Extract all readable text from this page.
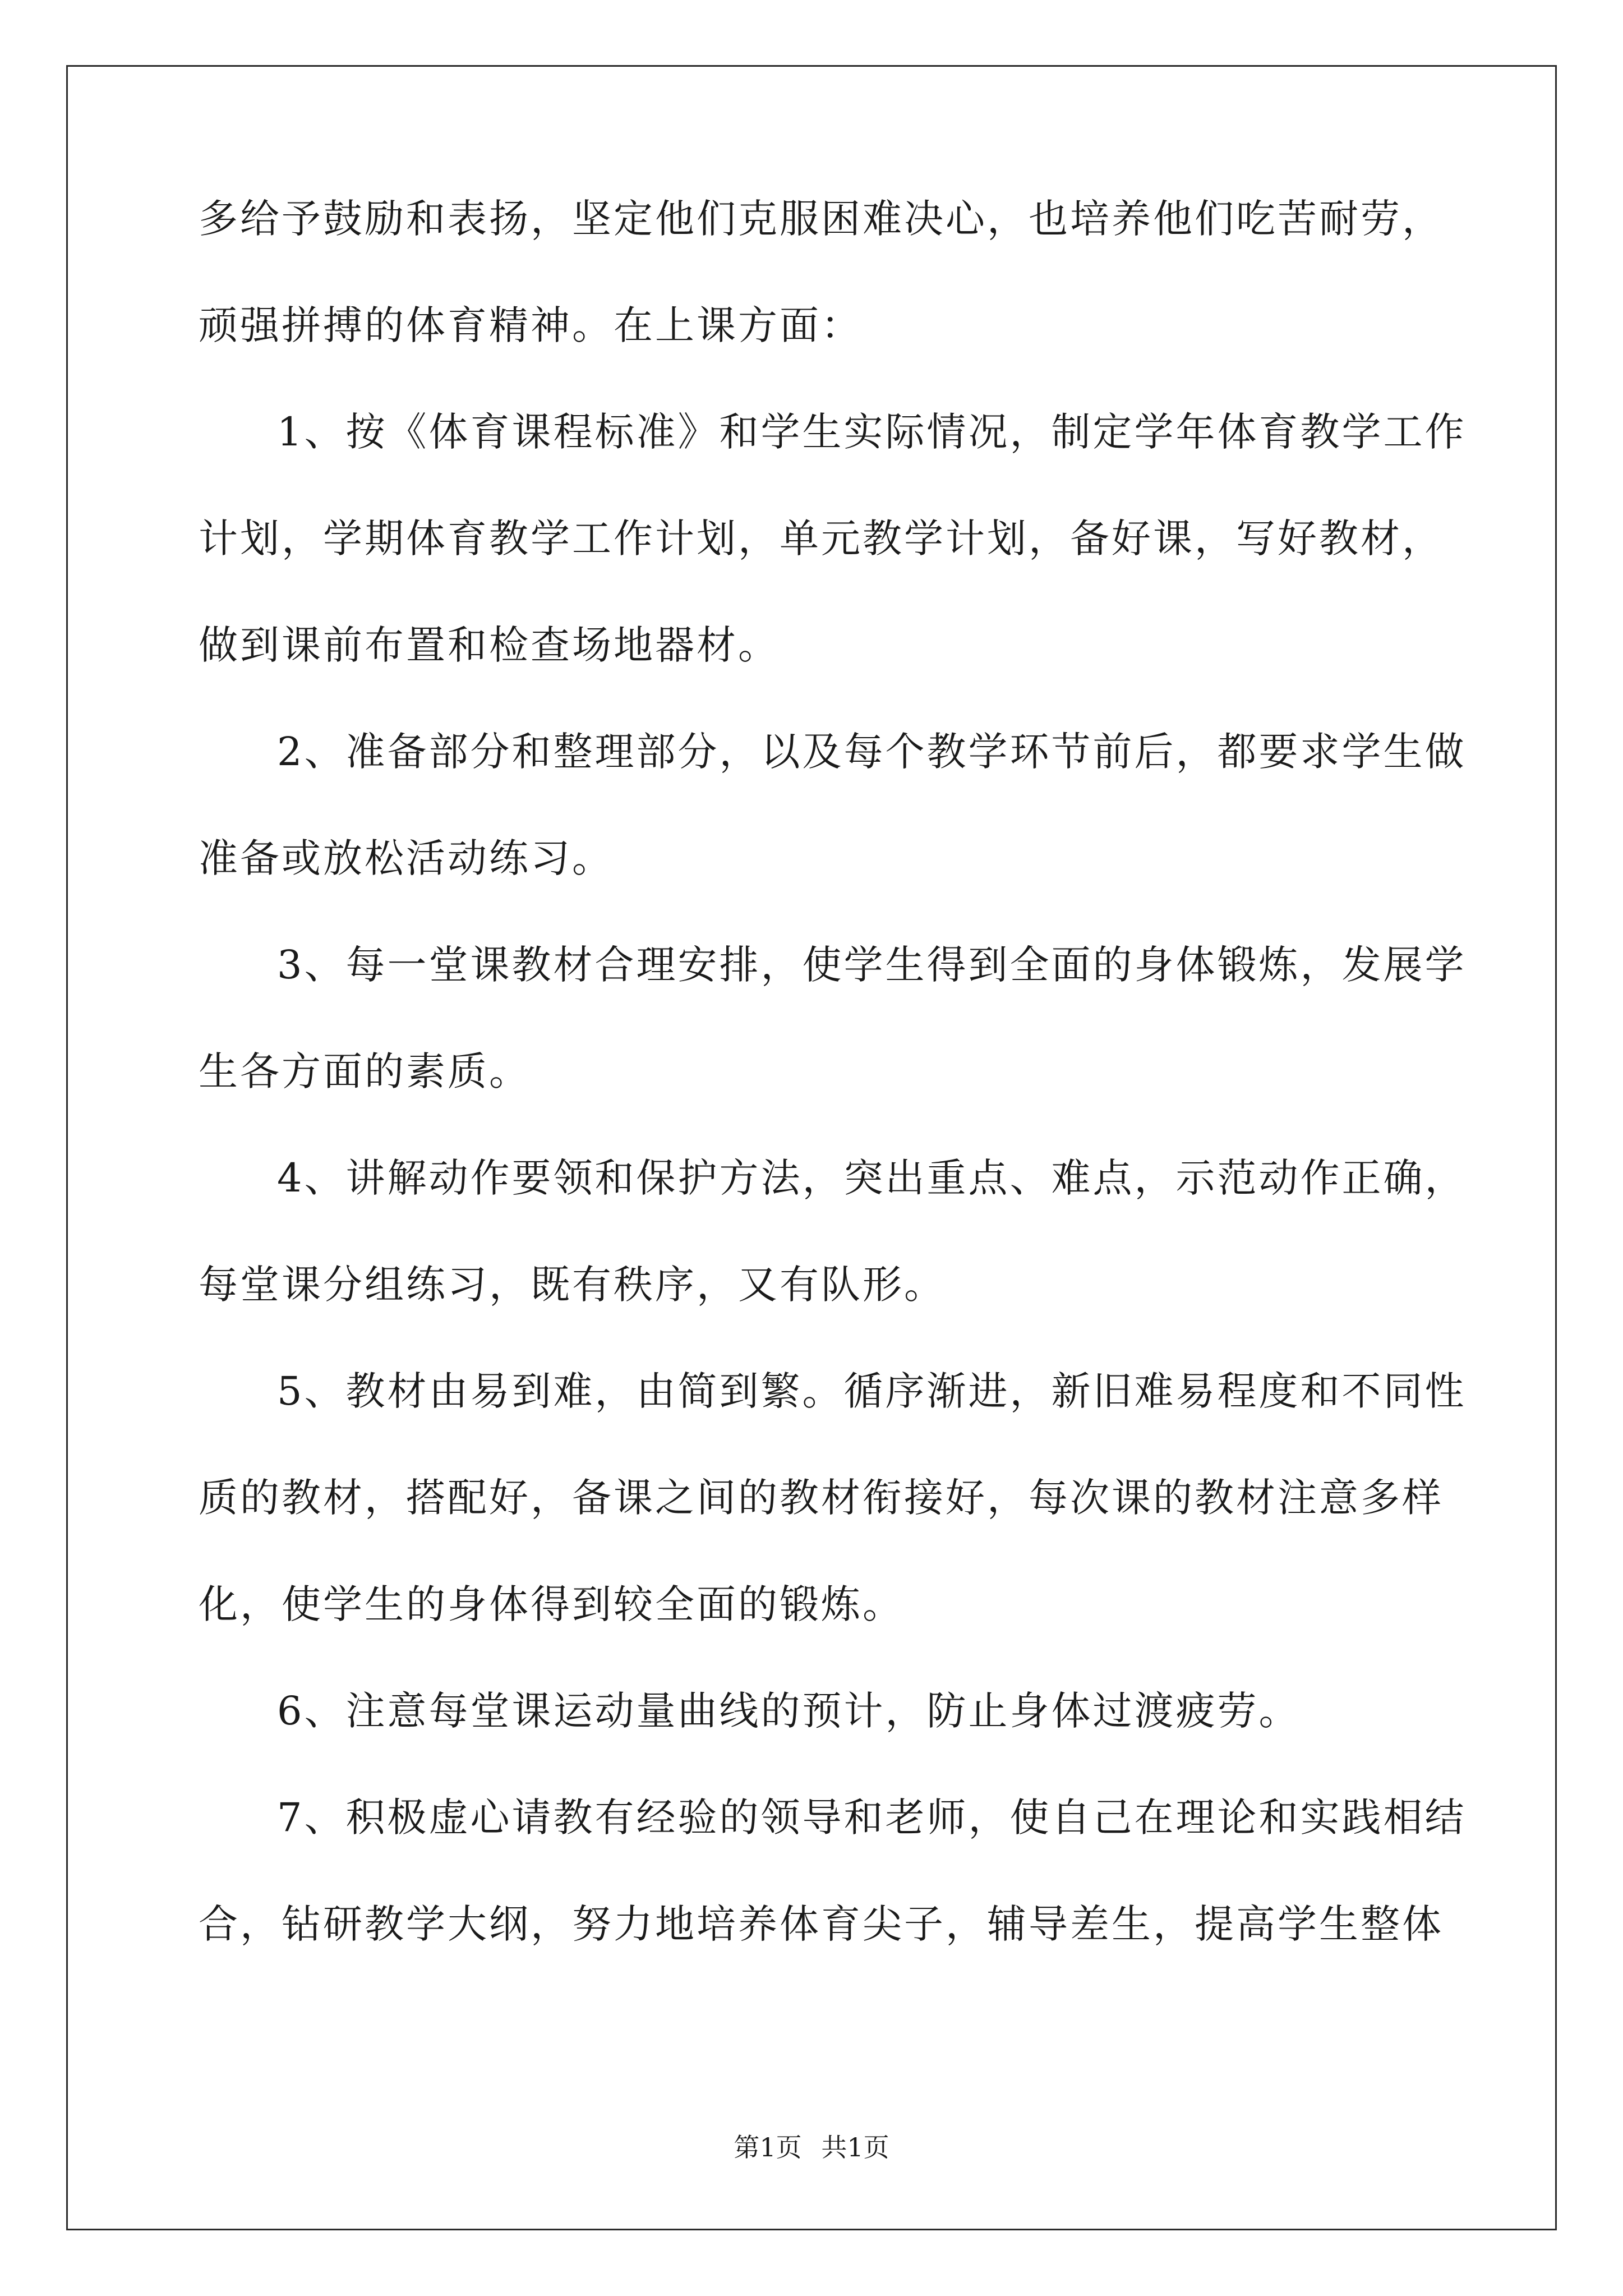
多给予鼓励和表扬，坚定他们克服困难决心，也培养他们吃苦耐劳，
顽强拼搏的体育精神。在上课方面：
1、按《体育课程标准》和学生实际情况，制定学年体育教学工作
计划，学期体育教学工作计划，单元教学计划，备好课，写好教材，
做到课前布置和检查场地器材。
2、准备部分和整理部分，以及每个教学环节前后，都要求学生做
准备或放松活动练习。
3、每一堂课教材合理安排，使学生得到全面的身体锻炼，发展学
生各方面的素质。
4、讲解动作要领和保护方法，突出重点、难点，示范动作正确，
每堂课分组练习，既有秩序，又有队形。
5、教材由易到难，由简到繁。循序渐进，新旧难易程度和不同性
质的教材，搭配好，备课之间的教材衔接好，每次课的教材注意多样
化，使学生的身体得到较全面的锻炼。
6、注意每堂课运动量曲线的预计，防止身体过渡疲劳。
7、积极虚心请教有经验的领导和老师，使自己在理论和实践相结
合，钻研教学大纲，努力地培养体育尖子，辅导差生，提高学生整体
第1页 共1页
